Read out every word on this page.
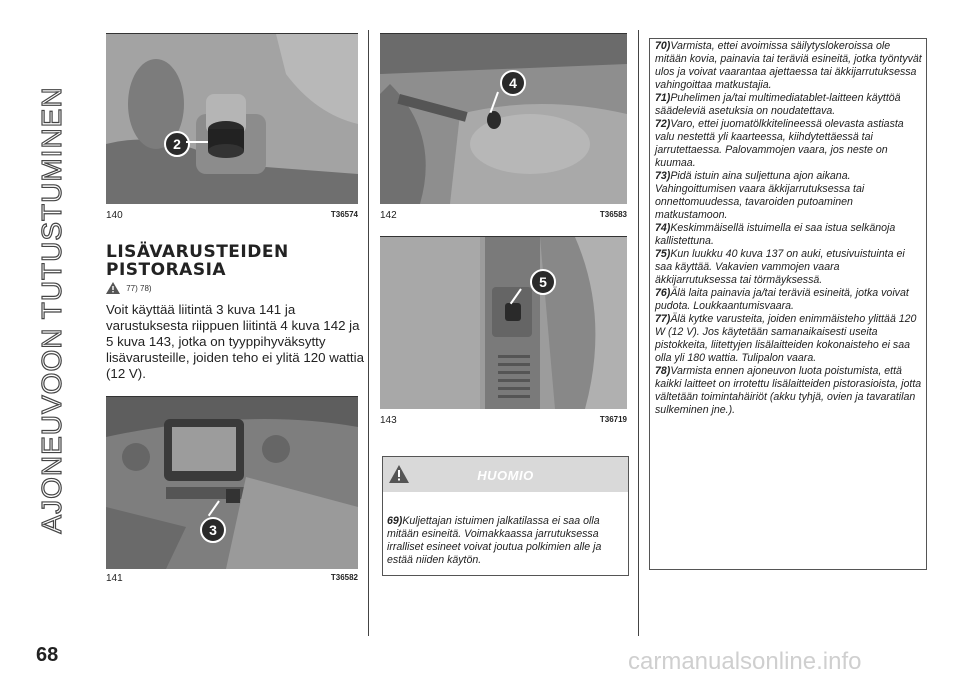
AJONEUVOON TUTUSTUMINEN	2
140	T36574
LISÄVARUSTEIDEN
PISTORASIA
77) 78)
Voit käyttää liitintä 3 kuva 141 ja varustuksesta riippuen liitintä 4 kuva 142 ja 5 kuva 143, jotka on tyyppihyväksytty lisävarusteille, joiden teho ei ylitä 120 wattia (12 V).
3
141	T36582
4
142	T36583
5
143	T36719
HUOMIO
69)Kuljettajan istuimen jalkatilassa ei saa olla mitään esineitä. Voimakkaassa jarrutuksessa irralliset esineet voivat joutua polkimien alle ja estää niiden käytön.

70)Varmista, ettei avoimissa säilytyslokeroissa ole mitään kovia, painavia tai teräviä esineitä, jotka työntyvät ulos ja voivat vaarantaa ajettaessa tai äkkijarrutuksessa vahingoittaa matkustajia.

71)Puhelimen ja/tai multimediatablet-laitteen käyttöä säädeleviä asetuksia on noudatettava.

72)Varo, ettei juomatölkkitelineessä olevasta astiasta valu nestettä yli kaarteessa, kiihdytettäessä tai jarrutettaessa. Palovammojen vaara, jos neste on kuumaa.

73)Pidä istuin aina suljettuna ajon aikana. Vahingoittumisen vaara äkkijarrutuksessa tai onnettomuudessa, tavaroiden putoaminen matkustamoon.

74)Keskimmäisellä istuimella ei saa istua selkänoja kallistettuna.

75)Kun luukku 40 kuva 137 on auki, etusivuistuinta ei saa käyttää. Vakavien vammojen vaara äkkijarrutuksessa tai törmäyksessä.

76)Älä laita painavia ja/tai teräviä esineitä, jotka voivat pudota. Loukkaantumisvaara.

77)Älä kytke varusteita, joiden enimmäisteho ylittää 120 W (12 V). Jos käytetään samanaikaisesti useita pistokkeita, liitettyjen lisälaitteiden kokonaisteho ei saa olla yli 180 wattia. Tulipalon vaara.

78)Varmista ennen ajoneuvon luota poistumista, että kaikki laitteet on irrotettu lisälaitteiden pistorasioista, jotta vältetään toimintahäiriöt (akku tyhjä, ovien ja tavaratilan sulkeminen jne.).

68	carmanualsonline.info
